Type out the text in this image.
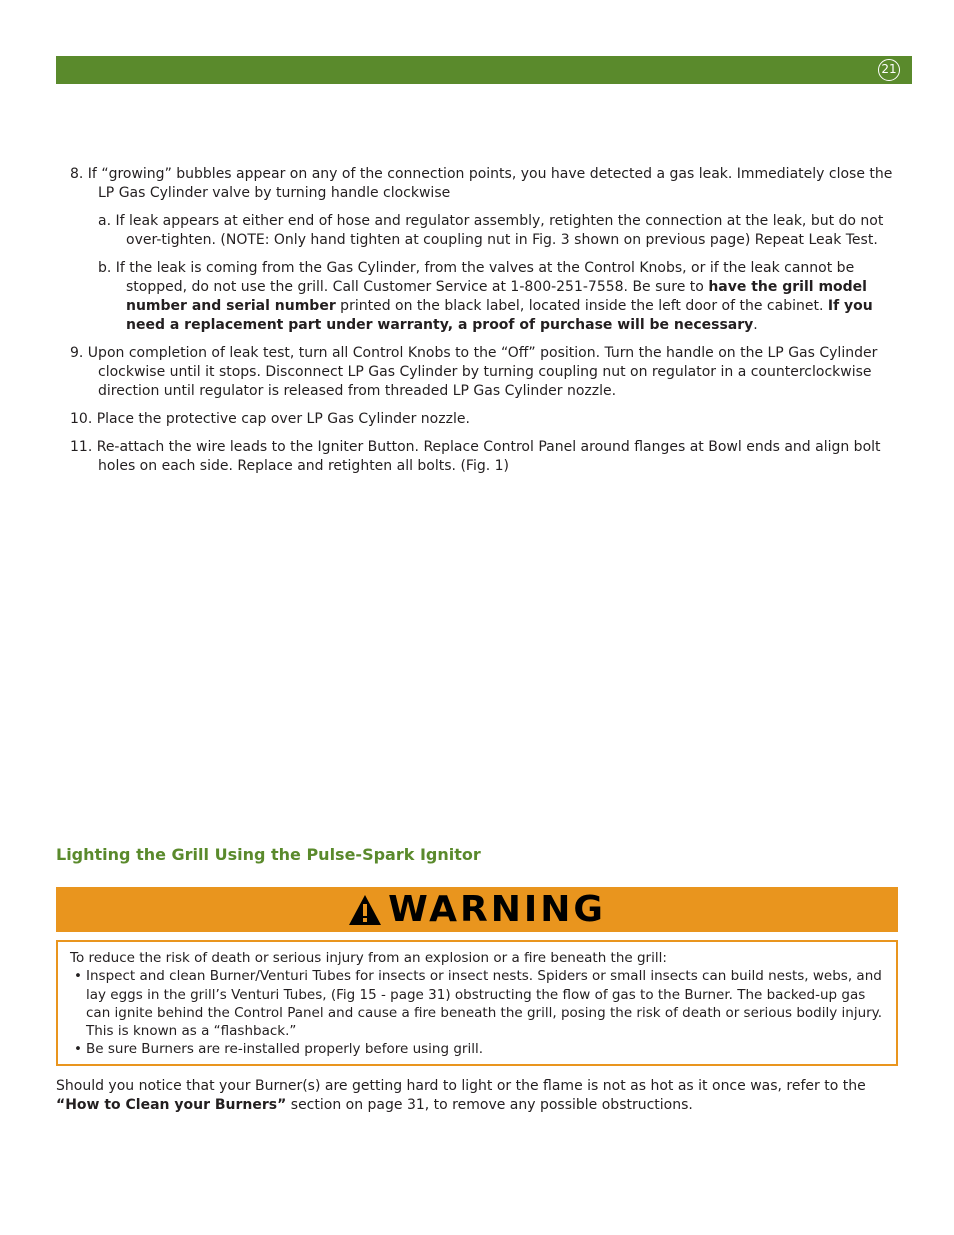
21

8. If “growing” bubbles appear on any of the connection points, you have detected a gas leak. Immediately close the LP Gas Cylinder valve by turning handle clockwise

a. If leak appears at either end of hose and regulator assembly, retighten the connection at the leak, but do not over-tighten. (NOTE: Only hand tighten at coupling nut in Fig. 3 shown on previous page) Repeat Leak Test.

b. If the leak is coming from the Gas Cylinder, from the valves at the Control Knobs, or if the leak cannot be stopped, do not use the grill. Call Customer Service at 1-800-251-7558. Be sure to have the grill model number and serial number printed on the black label, located inside the left door of the cabinet. If you need a replacement part under warranty, a proof of purchase will be necessary.

9. Upon completion of leak test, turn all Control Knobs to the “Off” position. Turn the handle on the LP Gas Cylinder clockwise until it stops. Disconnect LP Gas Cylinder by turning coupling nut on regulator in a counterclockwise direction until regulator is released from threaded LP Gas Cylinder nozzle.

10. Place the protective cap over LP Gas Cylinder nozzle.

11. Re-attach the wire leads to the Igniter Button. Replace Control Panel around flanges at Bowl ends and align bolt holes on each side. Replace and retighten all bolts. (Fig. 1)

Lighting the Grill Using the Pulse-Spark Ignitor
WARNING
To reduce the risk of death or serious injury from an explosion or a fire beneath the grill:
• Inspect and clean Burner/Venturi Tubes for insects or insect nests. Spiders or small insects can build nests, webs, and lay eggs in the grill’s Venturi Tubes, (Fig 15 - page 31) obstructing the flow of gas to the Burner. The backed-up gas can ignite behind the Control Panel and cause a fire beneath the grill, posing the risk of death or serious bodily injury. This is known as a “flashback.”
• Be sure Burners are re-installed properly before using grill.
Should you notice that your Burner(s) are getting hard to light or the flame is not as hot as it once was, refer to the “How to Clean your Burners” section on page 31, to remove any possible obstructions.
